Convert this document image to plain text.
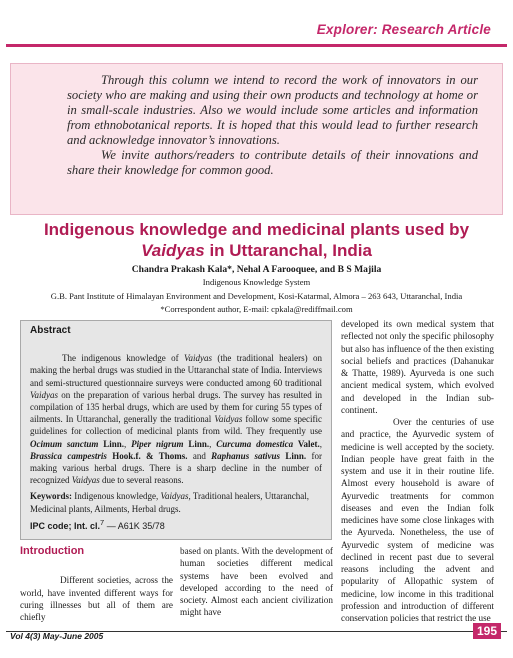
Explorer: Research Article

Through this column we intend to record the work of innovators in our society who are making and using their own products and technology at home or in small-scale industries. Also we would include some articles and information from ethnobotanical reports. It is hoped that this would lead to further research and acknowledge innovator’s innovations.

We invite authors/readers to contribute details of their innovations and share their knowledge for common good.

Indigenous knowledge and medicinal plants used by
Vaidyas in Uttaranchal, India
Chandra Prakash Kala*, Nehal A Farooquee, and B S Majila
Indigenous Knowledge System
G.B. Pant Institute of Himalayan Environment and Development, Kosi-Katarmal, Almora – 263 643, Uttaranchal, India
*Correspondent author, E-mail: cpkala@rediffmail.com
Abstract
The indigenous knowledge of Vaidyas (the traditional healers) on making the herbal drugs was studied in the Uttaranchal state of India. Interviews and semi-structured questionnaire surveys were conducted among 60 traditional Vaidyas on the preparation of various herbal drugs. The survey has resulted in compilation of 135 herbal drugs, which are used by them for curing 55 types of ailments. In Uttaranchal, generally the traditional Vaidyas follow some specific guidelines for collection of medicinal plants from wild. They frequently use Ocimum sanctum Linn., Piper nigrum Linn., Curcuma domestica Valet., Brassica campestris Hook.f. & Thoms. and Raphanus sativus Linn. for making various herbal drugs. There is a sharp decline in the number of recognized Vaidyas due to several reasons.
Keywords: Indigenous knowledge, Vaidyas, Traditional healers, Uttaranchal, Medicinal plants, Ailments, Herbal drugs.
IPC code; Int. cl.$^7$ — A61K 35/78

developed its own medical system that reflected not only the specific philosophy but also has influence of the then existing social beliefs and practices (Dahanukar & Thatte, 1989). Ayurveda is one such ancient medical system, which evolved and developed in the Indian sub-continent.

Over the centuries of use and practice, the Ayurvedic system of medicine is well accepted by the society. Indian people have great faith in the system and use it in their routine life. Almost every household is aware of Ayurvedic treatments for common diseases and even the Indian folk medicines have some close linkages with the Ayurveda. Nonetheless, the use of Ayurvedic system of medicine was declined in recent past due to several reasons including the advent and popularity of Allopathic system of medicine, low income in this traditional profession and introduction of different conservation policies that restrict the use

Introduction

Different societies, across the world, have invented different ways for curing illnesses but all of them are chiefly

based on plants. With the development of human societies different medical systems have been evolved and developed according to the need of society. Almost each ancient civilization might have

Vol 4(3) May-June 2005	195
